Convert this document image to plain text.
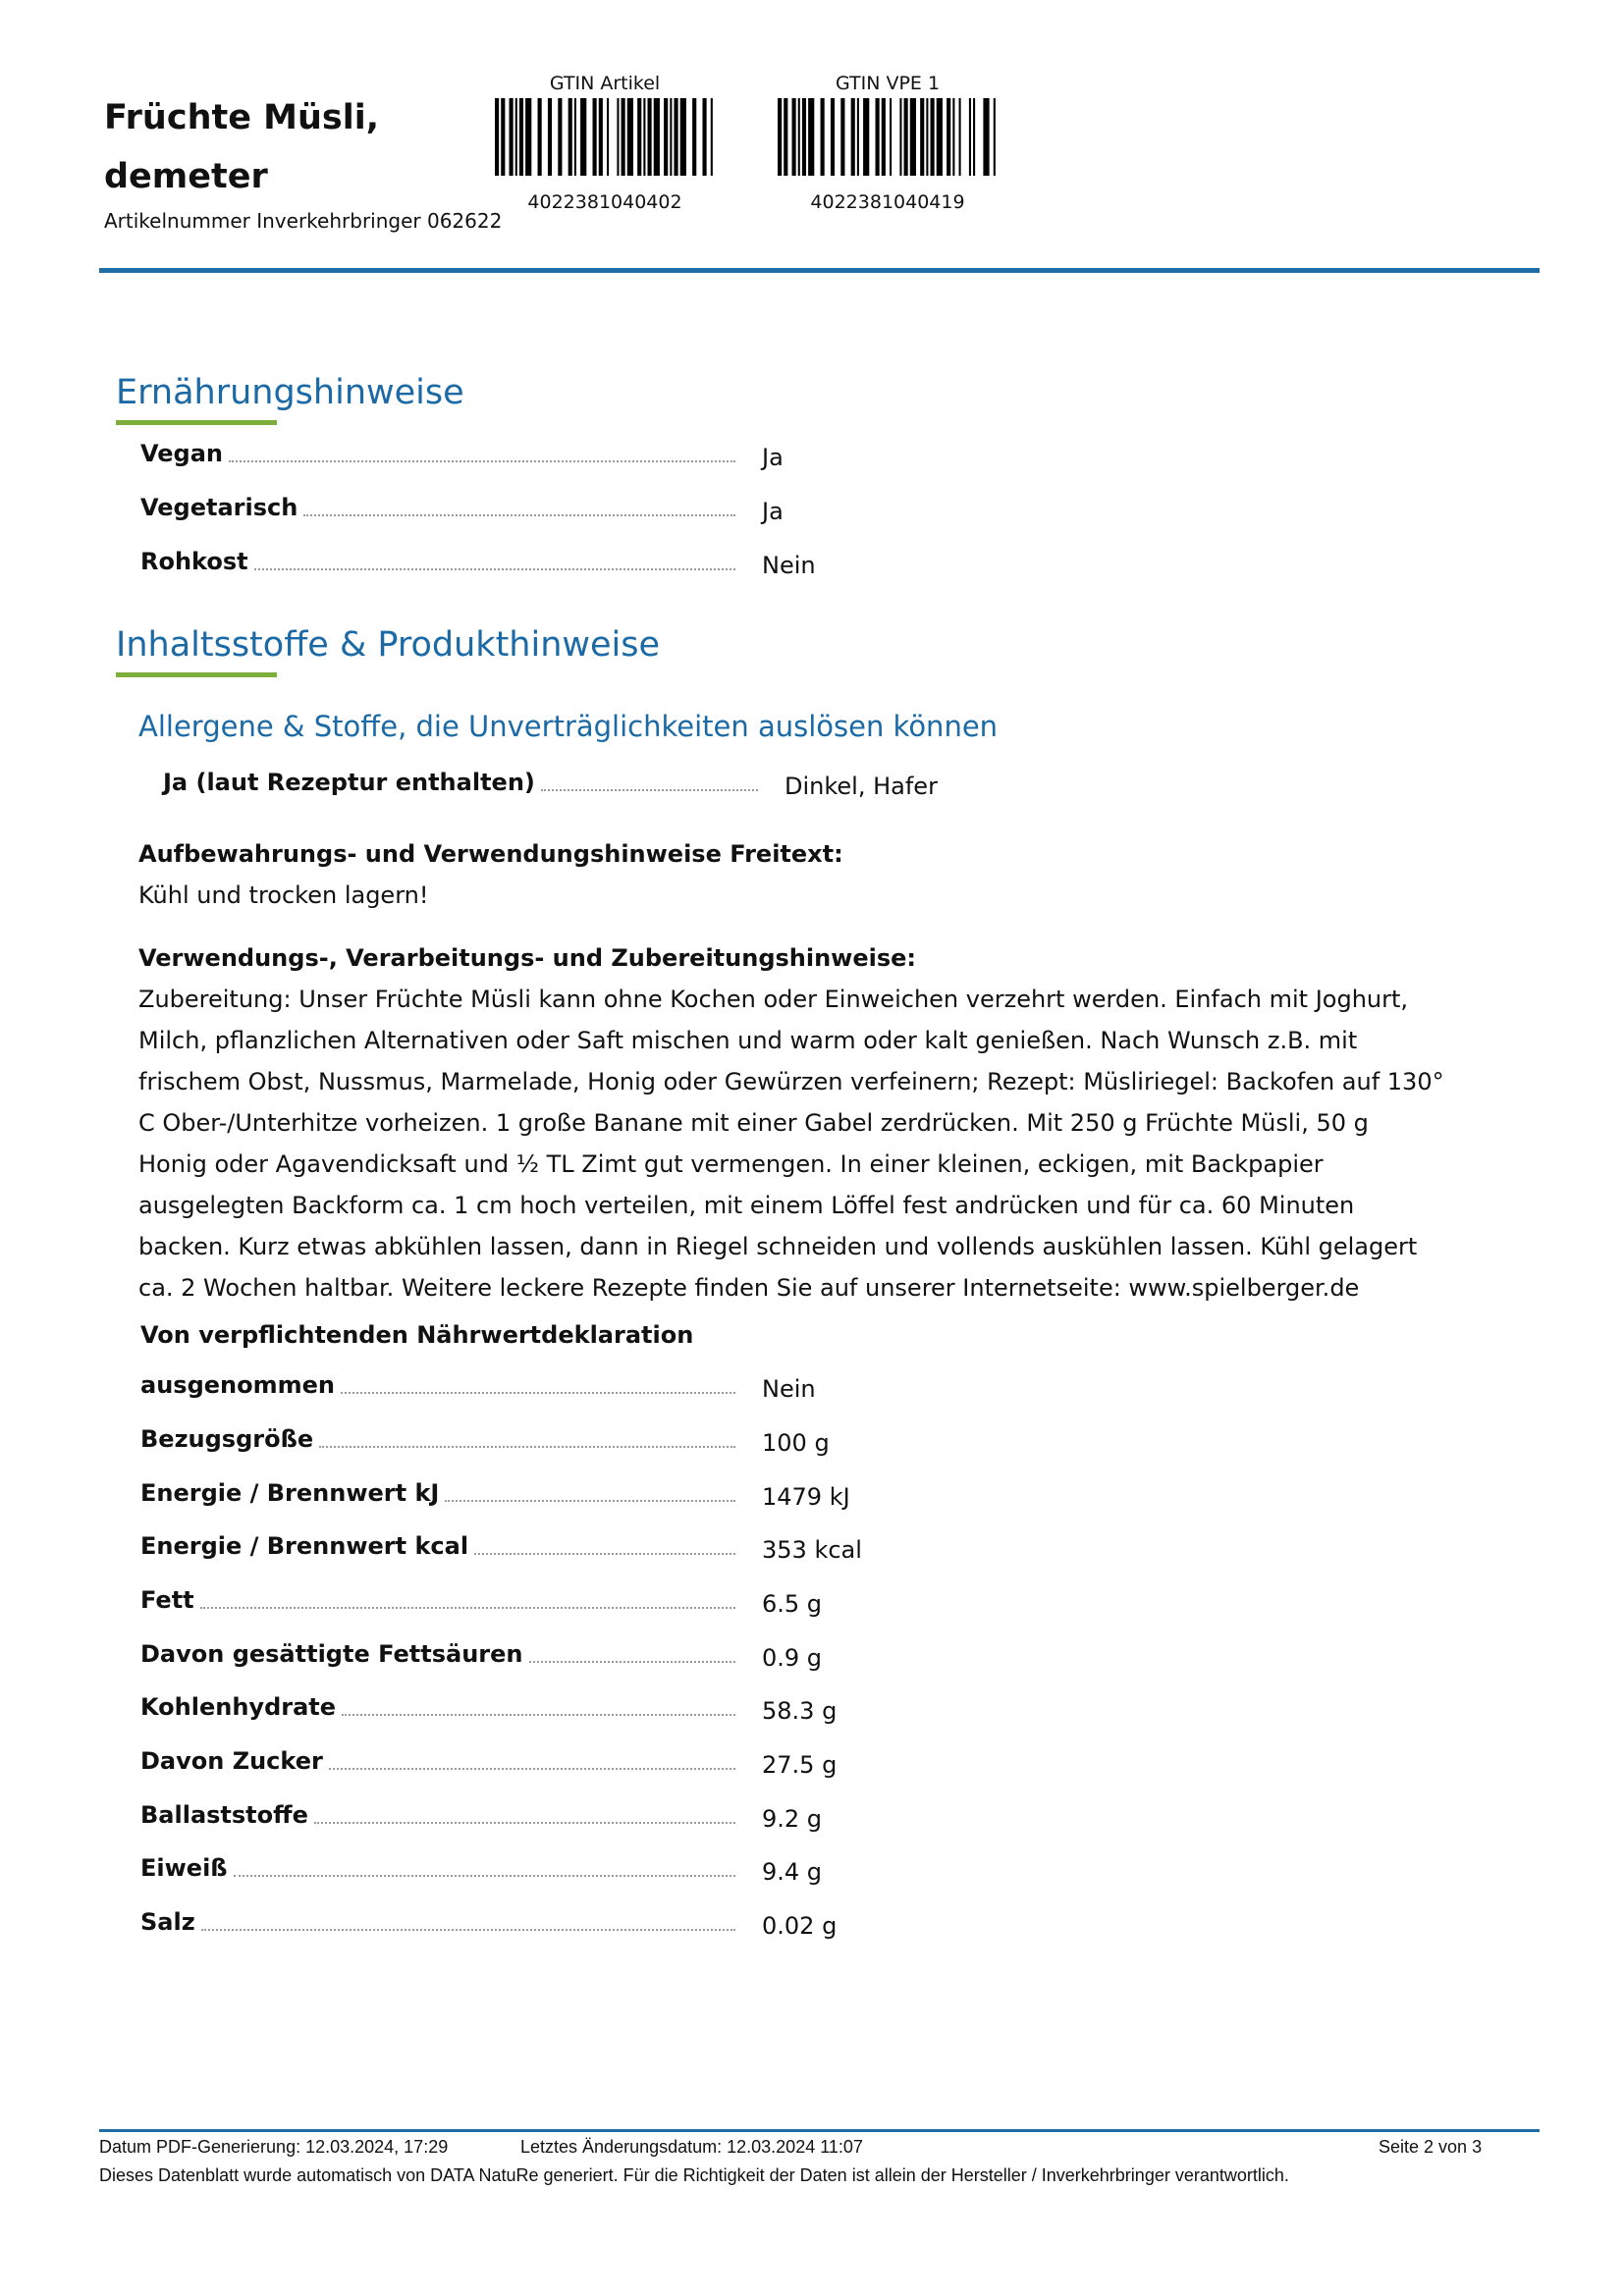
Früchte Müsli,
demeter
Artikelnummer Inverkehrbringer 062622
GTIN Artikel
4022381040402
GTIN VPE 1
4022381040419
Ernährungshinweise
Vegan	Ja
Vegetarisch	Ja
Rohkost	Nein
Inhaltsstoffe & Produkthinweise
Allergene & Stoffe, die Unverträglichkeiten auslösen können
Ja (laut Rezeptur enthalten)	Dinkel, Hafer
Aufbewahrungs- und Verwendungshinweise Freitext:
Kühl und trocken lagern!
Verwendungs-, Verarbeitungs- und Zubereitungshinweise:
Zubereitung: Unser Früchte Müsli kann ohne Kochen oder Einweichen verzehrt werden. Einfach mit Joghurt,
Milch, pflanzlichen Alternativen oder Saft mischen und warm oder kalt genießen. Nach Wunsch z.B. mit
frischem Obst, Nussmus, Marmelade, Honig oder Gewürzen verfeinern; Rezept: Müsliriegel: Backofen auf 130°
C Ober-/Unterhitze vorheizen. 1 große Banane mit einer Gabel zerdrücken. Mit 250 g Früchte Müsli, 50 g
Honig oder Agavendicksaft und ½ TL Zimt gut vermengen. In einer kleinen, eckigen, mit Backpapier
ausgelegten Backform ca. 1 cm hoch verteilen, mit einem Löffel fest andrücken und für ca. 60 Minuten
backen. Kurz etwas abkühlen lassen, dann in Riegel schneiden und vollends auskühlen lassen. Kühl gelagert
ca. 2 Wochen haltbar. Weitere leckere Rezepte finden Sie auf unserer Internetseite: www.spielberger.de
Von verpflichtenden Nährwertdeklaration
ausgenommen	Nein
Bezugsgröße	100 g
Energie / Brennwert kJ	1479 kJ
Energie / Brennwert kcal	353 kcal
Fett	6.5 g
Davon gesättigte Fettsäuren	0.9 g
Kohlenhydrate	58.3 g
Davon Zucker	27.5 g
Ballaststoffe	9.2 g
Eiweiß	9.4 g
Salz	0.02 g
Datum PDF-Generierung: 12.03.2024, 17:29	Letztes Änderungsdatum: 12.03.2024 11:07	Seite 2 von 3
Dieses Datenblatt wurde automatisch von DATA NatuRe generiert. Für die Richtigkeit der Daten ist allein der Hersteller / Inverkehrbringer verantwortlich.
